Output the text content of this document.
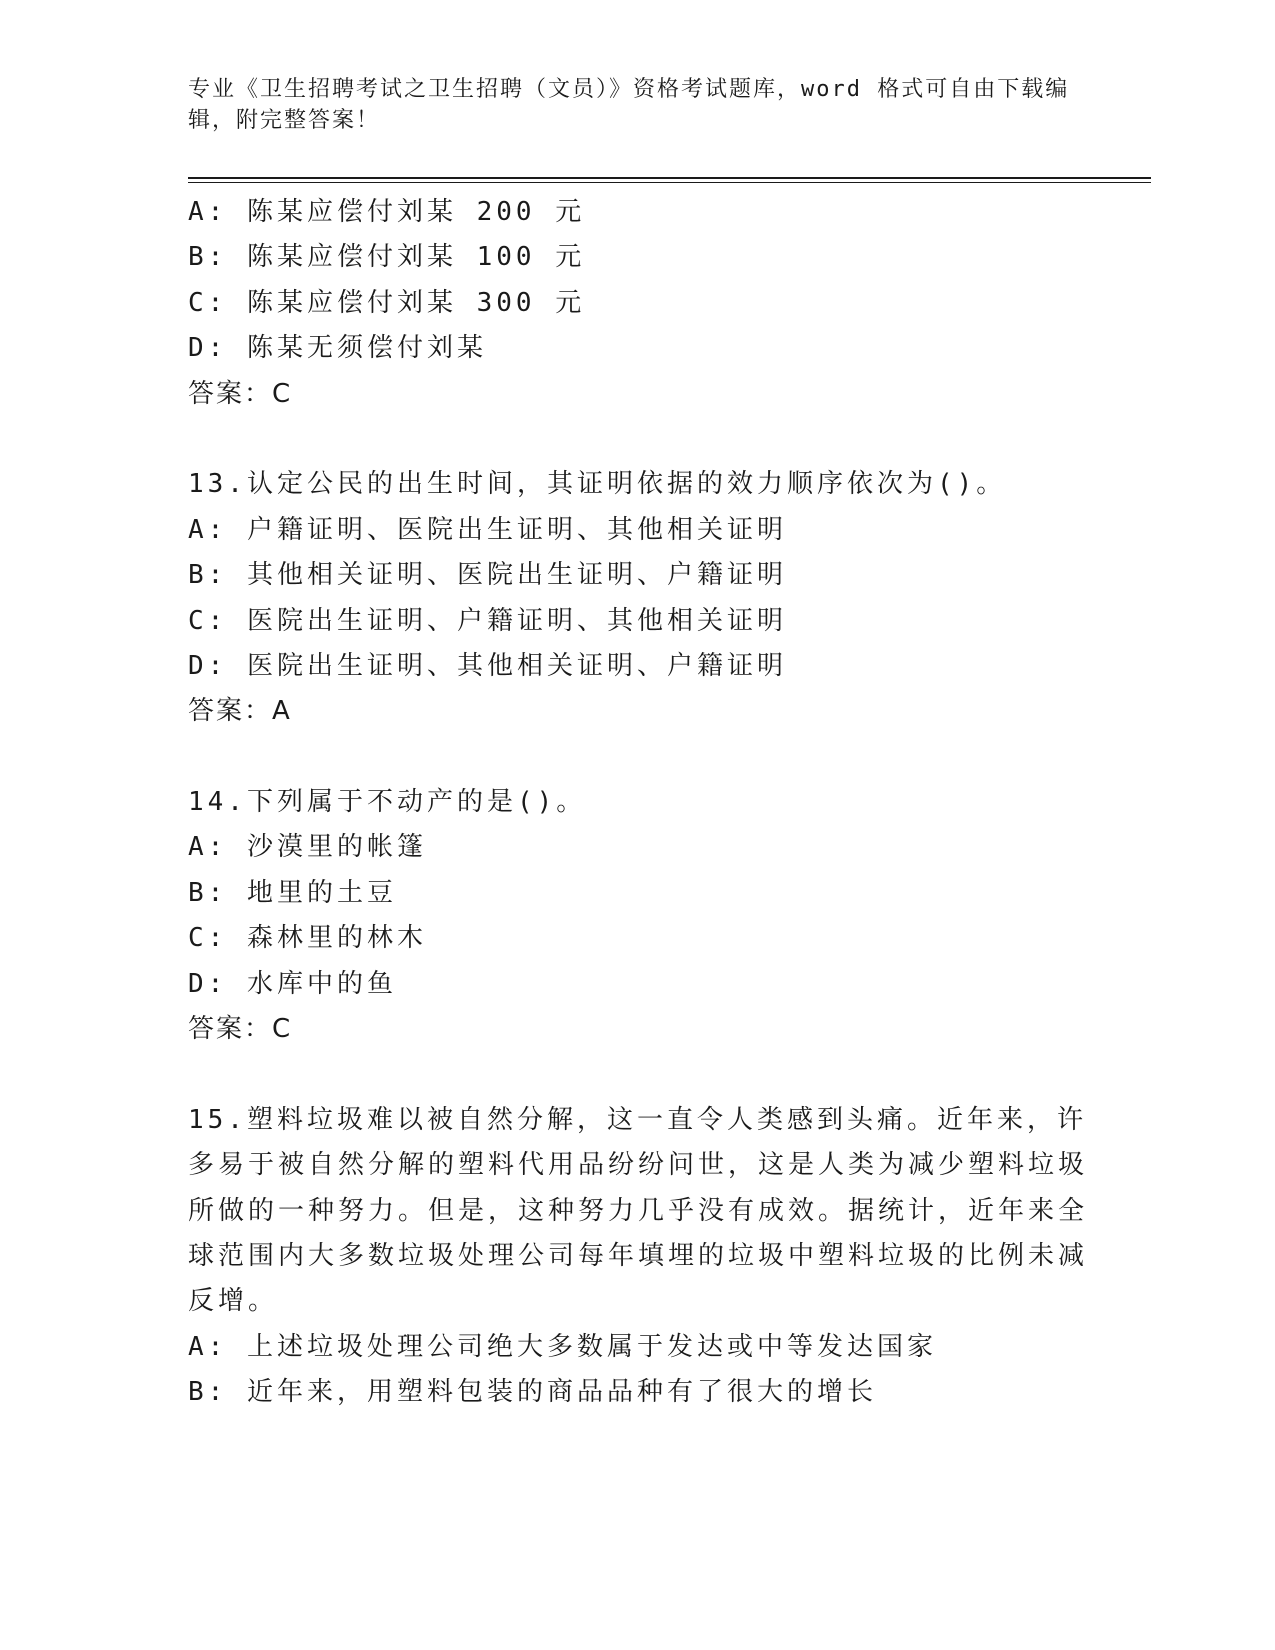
专业《卫生招聘考试之卫生招聘（文员）》资格考试题库，word 格式可自由下载编辑，附完整答案！
A: 陈某应偿付刘某 200 元
B: 陈某应偿付刘某 100 元
C: 陈某应偿付刘某 300 元
D: 陈某无须偿付刘某
答案：C
13.认定公民的出生时间，其证明依据的效力顺序依次为()。
A: 户籍证明、医院出生证明、其他相关证明
B: 其他相关证明、医院出生证明、户籍证明
C: 医院出生证明、户籍证明、其他相关证明
D: 医院出生证明、其他相关证明、户籍证明
答案：A
14.下列属于不动产的是()。
A: 沙漠里的帐篷
B: 地里的土豆
C: 森林里的林木
D: 水库中的鱼
答案：C
15.塑料垃圾难以被自然分解，这一直令人类感到头痛。近年来，许多易于被自然分解的塑料代用品纷纷问世，这是人类为减少塑料垃圾所做的一种努力。但是，这种努力几乎没有成效。据统计，近年来全球范围内大多数垃圾处理公司每年填埋的垃圾中塑料垃圾的比例未减反增。
A: 上述垃圾处理公司绝大多数属于发达或中等发达国家
B: 近年来，用塑料包装的商品品种有了很大的增长
